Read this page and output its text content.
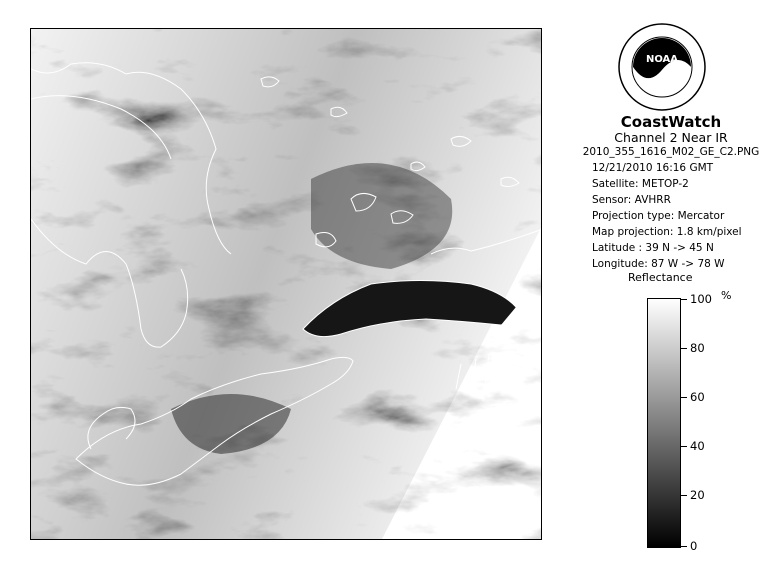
NOAA
CoastWatch
Channel 2 Near IR
2010_355_1616_M02_GE_C2.PNG
12/21/2010 16:16 GMT
Satellite: METOP-2
Sensor: AVHRR
Projection type: Mercator
Map projection: 1.8 km/pixel
Latitude : 39 N -> 45 N
Longitude: 87 W -> 78 W
Reflectance
%
100
80
60
40
20
0
